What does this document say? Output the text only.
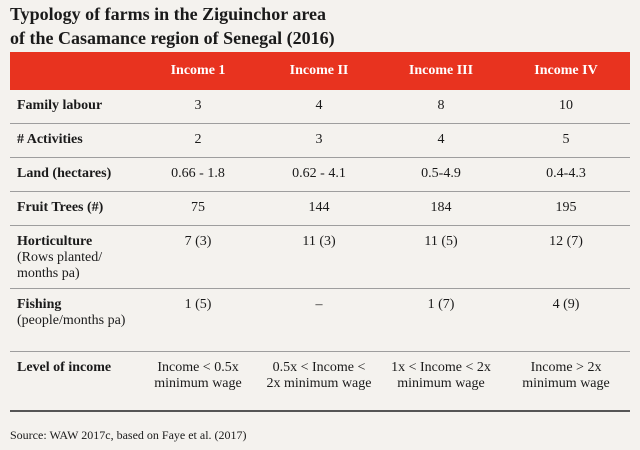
Typology of farms in the Ziguinchor area
of the Casamance region of Senegal (2016)
	Income 1	Income II	Income III	Income IV
Family labour	3	4	8	10
# Activities	2	3	4	5
Land (hectares)	0.66 - 1.8	0.62 - 4.1	0.5-4.9	0.4-4.3
Fruit Trees (#)	75	144	184	195
Horticulture
(Rows planted/ months pa)	7 (3)	11 (3)	11 (5)	12 (7)
Fishing
(people/months pa)	1 (5)	–	1 (7)	4 (9)
Level of income	Income < 0.5x minimum wage	0.5x < Income < 2x minimum wage	1x < Income < 2x minimum wage	Income > 2x minimum wage
Source: WAW 2017c, based on Faye et al. (2017)
